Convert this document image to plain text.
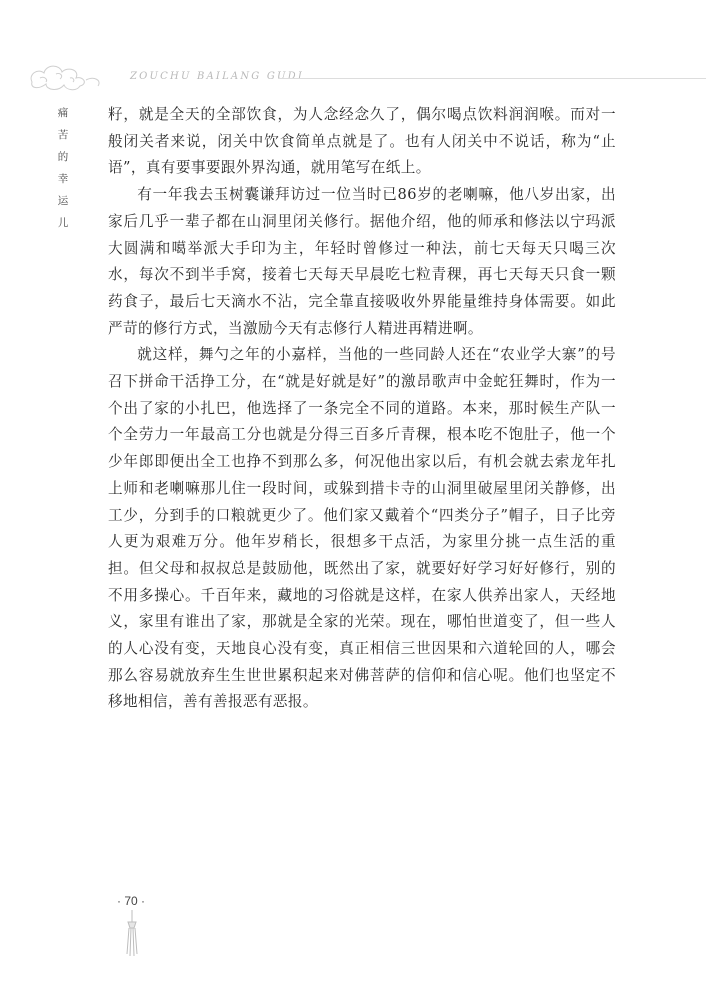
ZOUCHU BAILANG GUDI
痛
苦
的
幸
运
儿

籽，就是全天的全部饮食，为人念经念久了，偶尔喝点饮料润润喉。而对一般闭关者来说，闭关中饮食简单点就是了。也有人闭关中不说话，称为“止语”，真有要事要跟外界沟通，就用笔写在纸上。

有一年我去玉树囊谦拜访过一位当时已86岁的老喇嘛，他八岁出家，出家后几乎一辈子都在山洞里闭关修行。据他介绍，他的师承和修法以宁玛派大圆满和噶举派大手印为主，年轻时曾修过一种法，前七天每天只喝三次水，每次不到半手窝，接着七天每天早晨吃七粒青稞，再七天每天只食一颗药食子，最后七天滴水不沾，完全靠直接吸收外界能量维持身体需要。如此严苛的修行方式，当激励今天有志修行人精进再精进啊。

就这样，舞勺之年的小嘉样，当他的一些同龄人还在“农业学大寨”的号召下拼命干活挣工分，在“就是好就是好”的激昂歌声中金蛇狂舞时，作为一个出了家的小扎巴，他选择了一条完全不同的道路。本来，那时候生产队一个全劳力一年最高工分也就是分得三百多斤青稞，根本吃不饱肚子，他一个少年郎即便出全工也挣不到那么多，何况他出家以后，有机会就去索龙年扎上师和老喇嘛那儿住一段时间，或躲到措卡寺的山洞里破屋里闭关静修，出工少，分到手的口粮就更少了。他们家又戴着个“四类分子”帽子，日子比旁人更为艰难万分。他年岁稍长，很想多干点活，为家里分挑一点生活的重担。但父母和叔叔总是鼓励他，既然出了家，就要好好学习好好修行，别的不用多操心。千百年来，藏地的习俗就是这样，在家人供养出家人，天经地义，家里有谁出了家，那就是全家的光荣。现在，哪怕世道变了，但一些人的人心没有变，天地良心没有变，真正相信三世因果和六道轮回的人，哪会那么容易就放弃生生世世累积起来对佛菩萨的信仰和信心呢。他们也坚定不移地相信，善有善报恶有恶报。

· 70 ·
